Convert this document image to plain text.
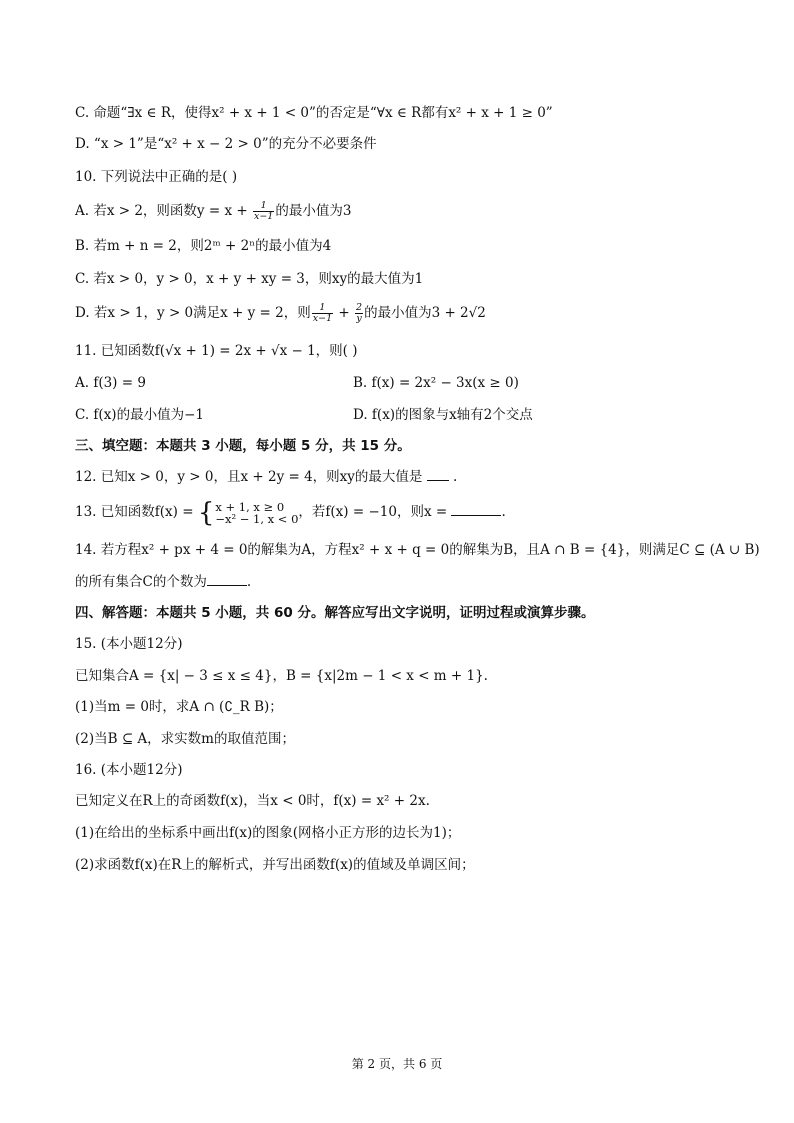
C. 命题“∃x ∈ R，使得x² + x + 1 < 0”的否定是“∀x ∈ R都有x² + x + 1 ≥ 0”
D. “x > 1”是“x² + x − 2 > 0”的充分不必要条件
10. 下列说法中正确的是( )
A. 若x > 2，则函数$y = x + \frac{1}{x-1}$ 的最小值为3
B. 若m + n = 2，则2ᵐ + 2ⁿ的最小值为4
C. 若x > 0，y > 0，x + y + xy = 3，则xy的最大值为1
D. 若x > 1，y > 0满足x + y = 2，则 $\frac{1}{x-1} + \frac{2}{y}$ 的最小值为3 + 2√2
11. 已知函数f(√x + 1) = 2x + √x − 1，则( )
A. f(3) = 9	B. f(x) = 2x² − 3x(x ≥ 0)
C. f(x)的最小值为−1	D. f(x)的图象与x轴有2个交点
三、填空题：本题共 3 小题，每小题 5 分，共 15 分。
12. 已知x > 0，y > 0，且x + 2y = 4，则xy的最大值是  .
13. 已知函数f(x) = { x + 1, x ≥ 0
−x² − 1, x < 0 ，若f(x) = −10，则x =	.
14. 若方程x² + px + 4 = 0的解集为A，方程x² + x + q = 0的解集为B，且A ∩ B = {4}，则满足C ⊆ (A ∪ B)
的所有集合C的个数为	.
四、解答题：本题共 5 小题，共 60 分。解答应写出文字说明，证明过程或演算步骤。
15. (本小题12分)
已知集合A = {x| − 3 ≤ x ≤ 4}，B = {x|2m − 1 < x < m + 1}.
(1)当m = 0时，求A ∩ (∁_R B)；
(2)当B ⊆ A，求实数m的取值范围；
16. (本小题12分)
已知定义在R上的奇函数f(x)，当x < 0时，f(x) = x² + 2x.
(1)在给出的坐标系中画出f(x)的图象(网格小正方形的边长为1)；
(2)求函数f(x)在R上的解析式，并写出函数f(x)的值域及单调区间；
第 2 页，共 6 页
